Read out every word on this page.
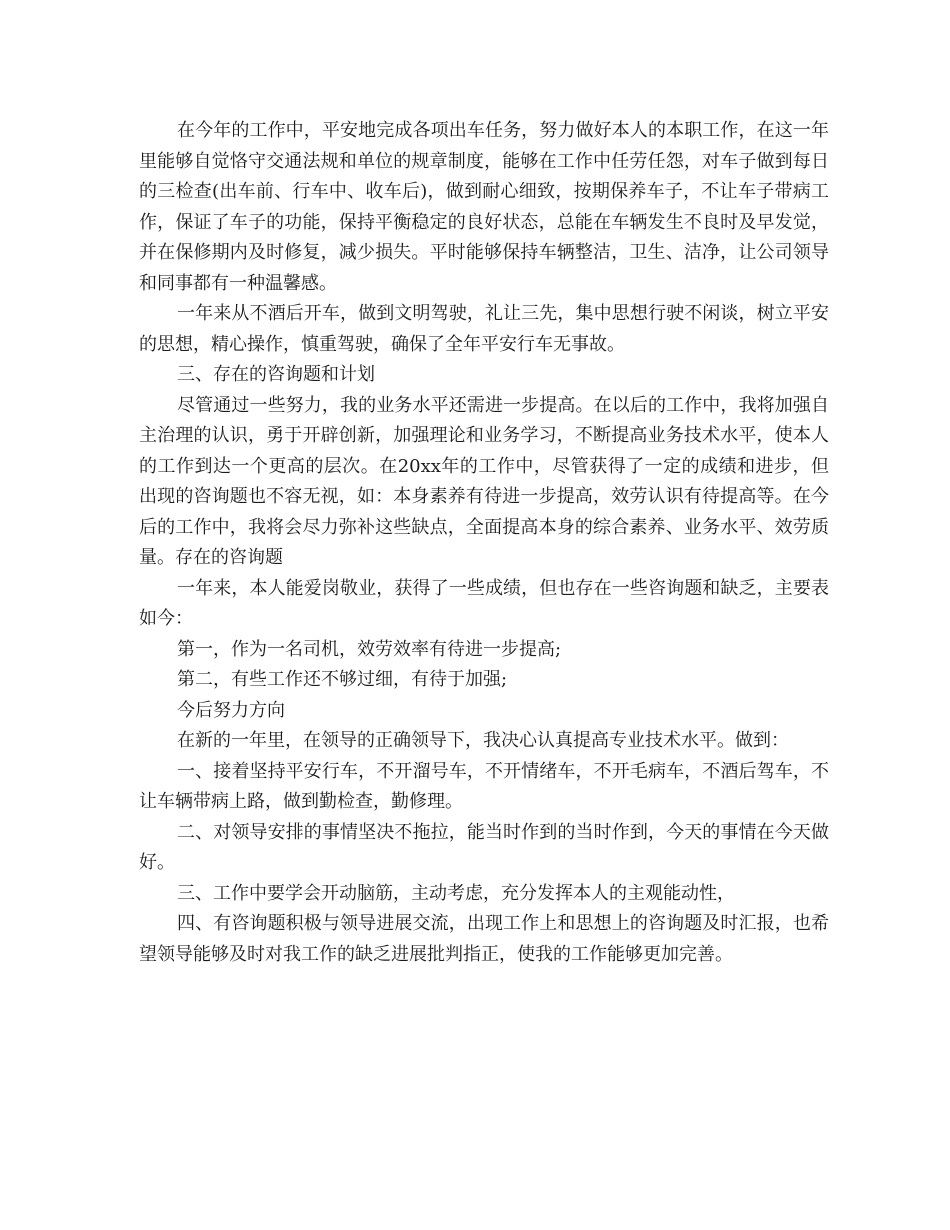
在今年的工作中，平安地完成各项出车任务，努力做好本人的本职工作，在这一年里能够自觉恪守交通法规和单位的规章制度，能够在工作中任劳任怨，对车子做到每日的三检查(出车前、行车中、收车后)，做到耐心细致，按期保养车子，不让车子带病工作，保证了车子的功能，保持平衡稳定的良好状态，总能在车辆发生不良时及早发觉，并在保修期内及时修复，减少损失。平时能够保持车辆整洁，卫生、洁净，让公司领导和同事都有一种温馨感。

一年来从不酒后开车，做到文明驾驶，礼让三先，集中思想行驶不闲谈，树立平安的思想，精心操作，慎重驾驶，确保了全年平安行车无事故。

三、存在的咨询题和计划

尽管通过一些努力，我的业务水平还需进一步提高。在以后的工作中，我将加强自主治理的认识，勇于开辟创新，加强理论和业务学习，不断提高业务技术水平，使本人的工作到达一个更高的层次。在20xx年的工作中，尽管获得了一定的成绩和进步，但出现的咨询题也不容无视，如：本身素养有待进一步提高，效劳认识有待提高等。在今后的工作中，我将会尽力弥补这些缺点，全面提高本身的综合素养、业务水平、效劳质量。存在的咨询题

一年来，本人能爱岗敬业，获得了一些成绩，但也存在一些咨询题和缺乏，主要表如今：

第一，作为一名司机，效劳效率有待进一步提高;

第二，有些工作还不够过细，有待于加强;

今后努力方向

在新的一年里，在领导的正确领导下，我决心认真提高专业技术水平。做到：

一、接着坚持平安行车，不开溜号车，不开情绪车，不开毛病车，不酒后驾车，不让车辆带病上路，做到勤检查，勤修理。

二、对领导安排的事情坚决不拖拉，能当时作到的当时作到，今天的事情在今天做好。

三、工作中要学会开动脑筋，主动考虑，充分发挥本人的主观能动性，

四、有咨询题积极与领导进展交流，出现工作上和思想上的咨询题及时汇报，也希望领导能够及时对我工作的缺乏进展批判指正，使我的工作能够更加完善。
